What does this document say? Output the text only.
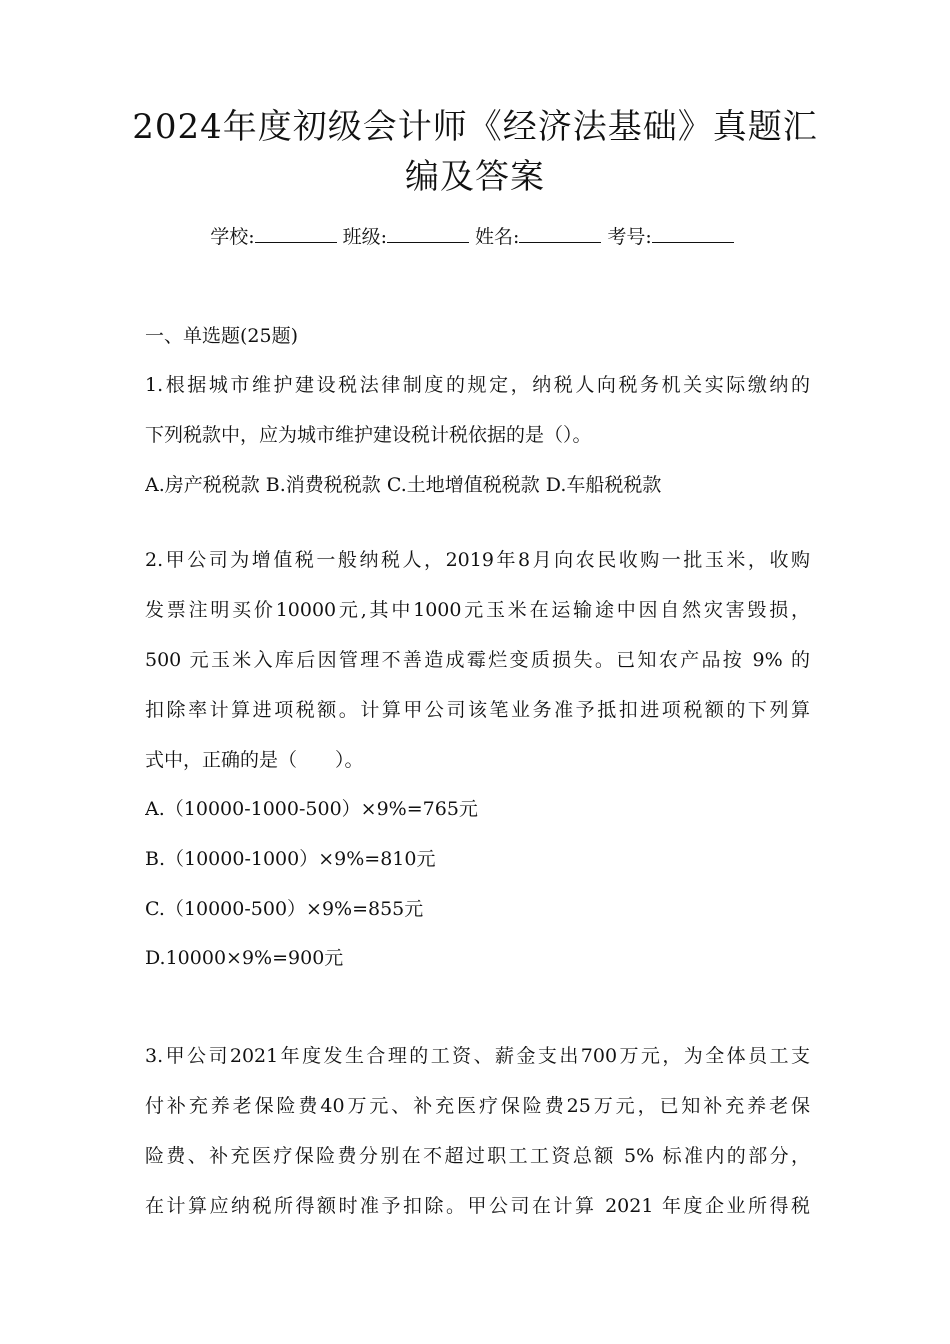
2024年度初级会计师《经济法基础》真题汇
编及答案
学校:	班级:	姓名:	考号:
一、单选题(25题)
1.根据城市维护建设税法律制度的规定，纳税人向税务机关实际缴纳的
下列税款中，应为城市维护建设税计税依据的是（）。
A.房产税税款 B.消费税税款 C.土地增值税税款 D.车船税税款
2.甲公司为增值税一般纳税人，2019年8月向农民收购一批玉米，收购
发票注明买价10000元,其中1000元玉米在运输途中因自然灾害毁损，
500 元玉米入库后因管理不善造成霉烂变质损失。已知农产品按 9% 的
扣除率计算进项税额。计算甲公司该笔业务准予抵扣进项税额的下列算
式中，正确的是（　　）。
A.（10000-1000-500）×9%=765元
B.（10000-1000）×9%=810元
C.（10000-500）×9%=855元
D.10000×9%=900元
3.甲公司2021年度发生合理的工资、薪金支出700万元，为全体员工支
付补充养老保险费40万元、补充医疗保险费25万元，已知补充养老保
险费、补充医疗保险费分别在不超过职工工资总额 5% 标准内的部分，
在计算应纳税所得额时准予扣除。甲公司在计算 2021 年度企业所得税
